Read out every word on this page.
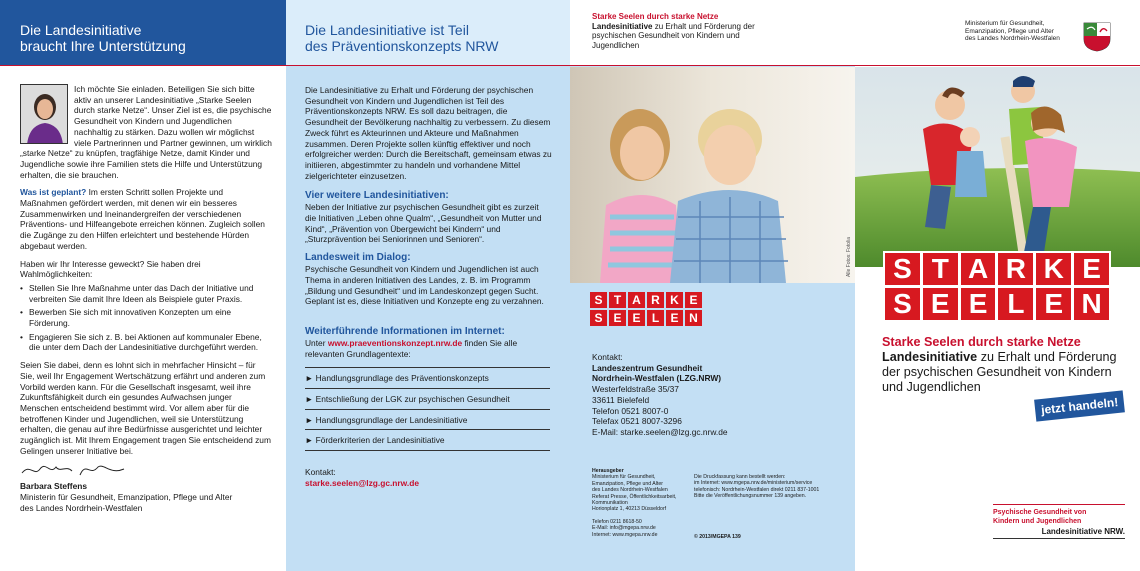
Die Landesinitiative
braucht Ihre Unterstützung

Ich möchte Sie einladen. Beteiligen Sie sich bitte aktiv an unserer Landesinitiative „Starke Seelen durch starke Netze“. Unser Ziel ist es, die psychische Gesundheit von Kindern und Jugendlichen nachhaltig zu stärken. Dazu wollen wir möglichst viele Partnerinnen und Partner gewinnen, um wirklich „starke Netze“ zu knüpfen, tragfähige Netze, damit Kinder und Jugendliche sowie ihre Familien stets die Hilfe und Unterstützung erhalten, die sie brauchen.

Was ist geplant? Im ersten Schritt sollen Projekte und Maßnahmen gefördert werden, mit denen wir ein besseres Zusammenwirken und Ineinandergreifen der verschiedenen Präventions- und Hilfeangebote erreichen können. Zugleich sollen die Zugänge zu den Hilfen erleichtert und bestehende Hürden abgebaut werden.

Haben wir Ihr Interesse geweckt? Sie haben drei Wahlmöglichkeiten:

• Stellen Sie Ihre Maßnahme unter das Dach der Initiative und verbreiten Sie damit Ihre Ideen als Beispiele guter Praxis.
• Bewerben Sie sich mit innovativen Konzepten um eine Förderung.
• Engagieren Sie sich z. B. bei Aktionen auf kommunaler Ebene, die unter dem Dach der Landesinitiative durchgeführt werden.

Seien Sie dabei, denn es lohnt sich in mehrfacher Hinsicht – für Sie, weil Ihr Engagement Wertschätzung erfährt und anderen zum Vorbild werden kann. Für die Gesellschaft insgesamt, weil ihre Zukunftsfähigkeit durch ein gesundes Aufwachsen junger Menschen entscheidend bestimmt wird. Vor allem aber für die betroffenen Kinder und Jugendlichen, weil sie Unterstützung erhalten, die genau auf ihre Bedürfnisse ausgerichtet und leichter zugänglich ist. Mit Ihrem Engagement tragen Sie entscheidend zum Gelingen unserer Initiative bei.

Barbara Steffens
Ministerin für Gesundheit, Emanzipation, Pflege und Alter
des Landes Nordrhein-Westfalen
Die Landesinitiative ist Teil
des Präventionskonzepts NRW

Die Landesinitiative zu Erhalt und Förderung der psychischen Gesundheit von Kindern und Jugendlichen ist Teil des Präventionskonzepts NRW. Es soll dazu beitragen, die Gesundheit der Bevölkerung nachhaltig zu verbessern. Zu diesem Zweck führt es Akteurinnen und Akteure und Maßnahmen zusammen. Deren Projekte sollen künftig effektiver und noch erfolgreicher werden: Durch die Bereitschaft, gemeinsam etwas zu initiieren, abgestimmter zu handeln und vorhandene Mittel zielgerichteter einzusetzen.

Vier weitere Landesinitiativen:

Neben der Initiative zur psychischen Gesundheit gibt es zurzeit die Initiativen „Leben ohne Qualm“, „Gesundheit von Mutter und Kind“, „Prävention von Übergewicht bei Kindern“ und „Sturzprävention bei Seniorinnen und Senioren“.

Landesweit im Dialog:

Psychische Gesundheit von Kindern und Jugendlichen ist auch Thema in anderen Initiativen des Landes, z. B. im Programm „Bildung und Gesundheit“ und im Landeskonzept gegen Sucht. Geplant ist es, diese Initiativen und Konzepte eng zu verzahnen.

Weiterführende Informationen im Internet:

Unter www.praeventionskonzept.nrw.de finden Sie alle relevanten Grundlagentexte:

► Handlungsgrundlage des Präventionskonzepts
► Entschließung der LGK zur psychischen Gesundheit
► Handlungsgrundlage der Landesinitiative
► Förderkriterien der Landesinitiative

Kontakt:

starke.seelen@lzg.gc.nrw.de

Starke Seelen durch starke Netze
Landesinitiative zu Erhalt und Förderung der psychischen Gesundheit von Kindern und Jugendlichen
Alle Fotos: Fotolia
S T A R K E
S E E L E N
Kontakt:
Landeszentrum Gesundheit
Nordrhein-Westfalen (LZG.NRW)
Westerfeldstraße 35/37
33611 Bielefeld
Telefon 0521 8007-0
Telefax 0521 8007-3296
E-Mail: starke.seelen@lzg.gc.nrw.de
Herausgeber
Ministerium für Gesundheit,
Emanzipation, Pflege und Alter
des Landes Nordrhein-Westfalen
Referat Presse, Öffentlichkeitsarbeit,
Kommunikation
Horionplatz 1, 40213 Düsseldorf
Telefon 0211 8618-50
E-Mail: info@mgepa.nrw.de
Internet: www.mgepa.nrw.de
Die Druckfassung kann bestellt werden:
im Internet: www.mgepa.nrw.de/ministerium/service
telefonisch: Nordrhein-Westfalen direkt 0211 837-1001
Bitte die Veröffentlichungsnummer 139 angeben.
© 2013/MGEPA 139
Ministerium für Gesundheit,
Emanzipation, Pflege und Alter
des Landes Nordrhein-Westfalen
S T A R K E
S E E L E N
Starke Seelen durch starke Netze
Landesinitiative zu Erhalt und Förderung der psychischen Gesundheit von Kindern und Jugendlichen
jetzt handeln!
Psychische Gesundheit von
Kindern und Jugendlichen
Landesinitiative NRW.
